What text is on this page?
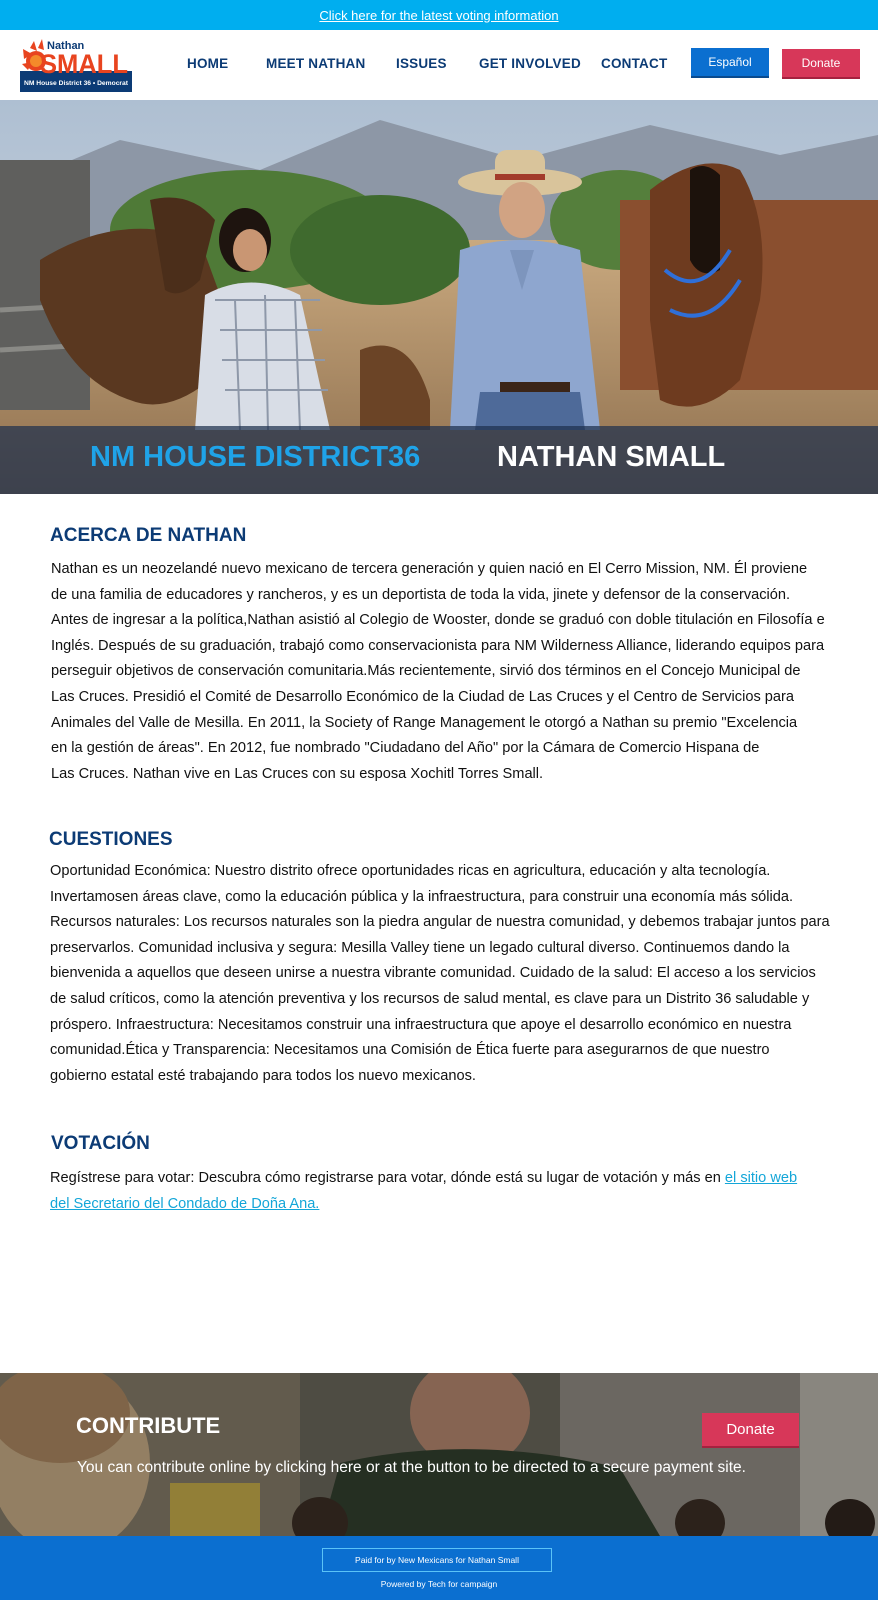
Click here for the latest voting information
Nathan
SMALL
NM House District 36 • Democrat
HOME	MEET NATHAN ISSUES GET INVOLVED CONTACT	Español	Donate
NM HOUSE DISTRICT36	NATHAN SMALL
ACERCA DE NATHAN
Nathan es un neozelandé nuevo mexicano de tercera generación y quien nació en El Cerro Mission, NM. Él proviene
de una familia de educadores y rancheros, y es un deportista de toda la vida, jinete y defensor de la conservación.
Antes de ingresar a la política,Nathan asistió al Colegio de Wooster, donde se graduó con doble titulación en Filosofía e
Inglés. Después de su graduación, trabajó como conservacionista para NM Wilderness Alliance, liderando equipos para
perseguir objetivos de conservación comunitaria.Más recientemente, sirvió dos términos en el Concejo Municipal de
Las Cruces. Presidió el Comité de Desarrollo Económico de la Ciudad de Las Cruces y el Centro de Servicios para
Animales del Valle de Mesilla. En 2011, la Society of Range Management le otorgó a Nathan su premio "Excelencia
en la gestión de áreas". En 2012, fue nombrado "Ciudadano del Año" por la Cámara de Comercio Hispana de
Las Cruces. Nathan vive en Las Cruces con su esposa Xochitl Torres Small.
CUESTIONES
Oportunidad Económica: Nuestro distrito ofrece oportunidades ricas en agricultura, educación y alta tecnología.
Invertamosen áreas clave, como la educación pública y la infraestructura, para construir una economía más sólida.
Recursos naturales: Los recursos naturales son la piedra angular de nuestra comunidad, y debemos trabajar juntos para
preservarlos. Comunidad inclusiva y segura: Mesilla Valley tiene un legado cultural diverso. Continuemos dando la
bienvenida a aquellos que deseen unirse a nuestra vibrante comunidad. Cuidado de la salud: El acceso a los servicios
de salud críticos, como la atención preventiva y los recursos de salud mental, es clave para un Distrito 36 saludable y
próspero. Infraestructura: Necesitamos construir una infraestructura que apoye el desarrollo económico en nuestra
comunidad.Ética y Transparencia: Necesitamos una Comisión de Ética fuerte para asegurarnos de que nuestro
gobierno estatal esté trabajando para todos los nuevo mexicanos.
VOTACIÓN
Regístrese para votar: Descubra cómo registrarse para votar, dónde está su lugar de votación y más en el sitio web
del Secretario del Condado de Doña Ana.
CONTRIBUTE
You can contribute online by clicking here or at the button to be directed to a secure payment site.
Donate
Paid for by New Mexicans for Nathan Small
Powered by Tech for campaign
